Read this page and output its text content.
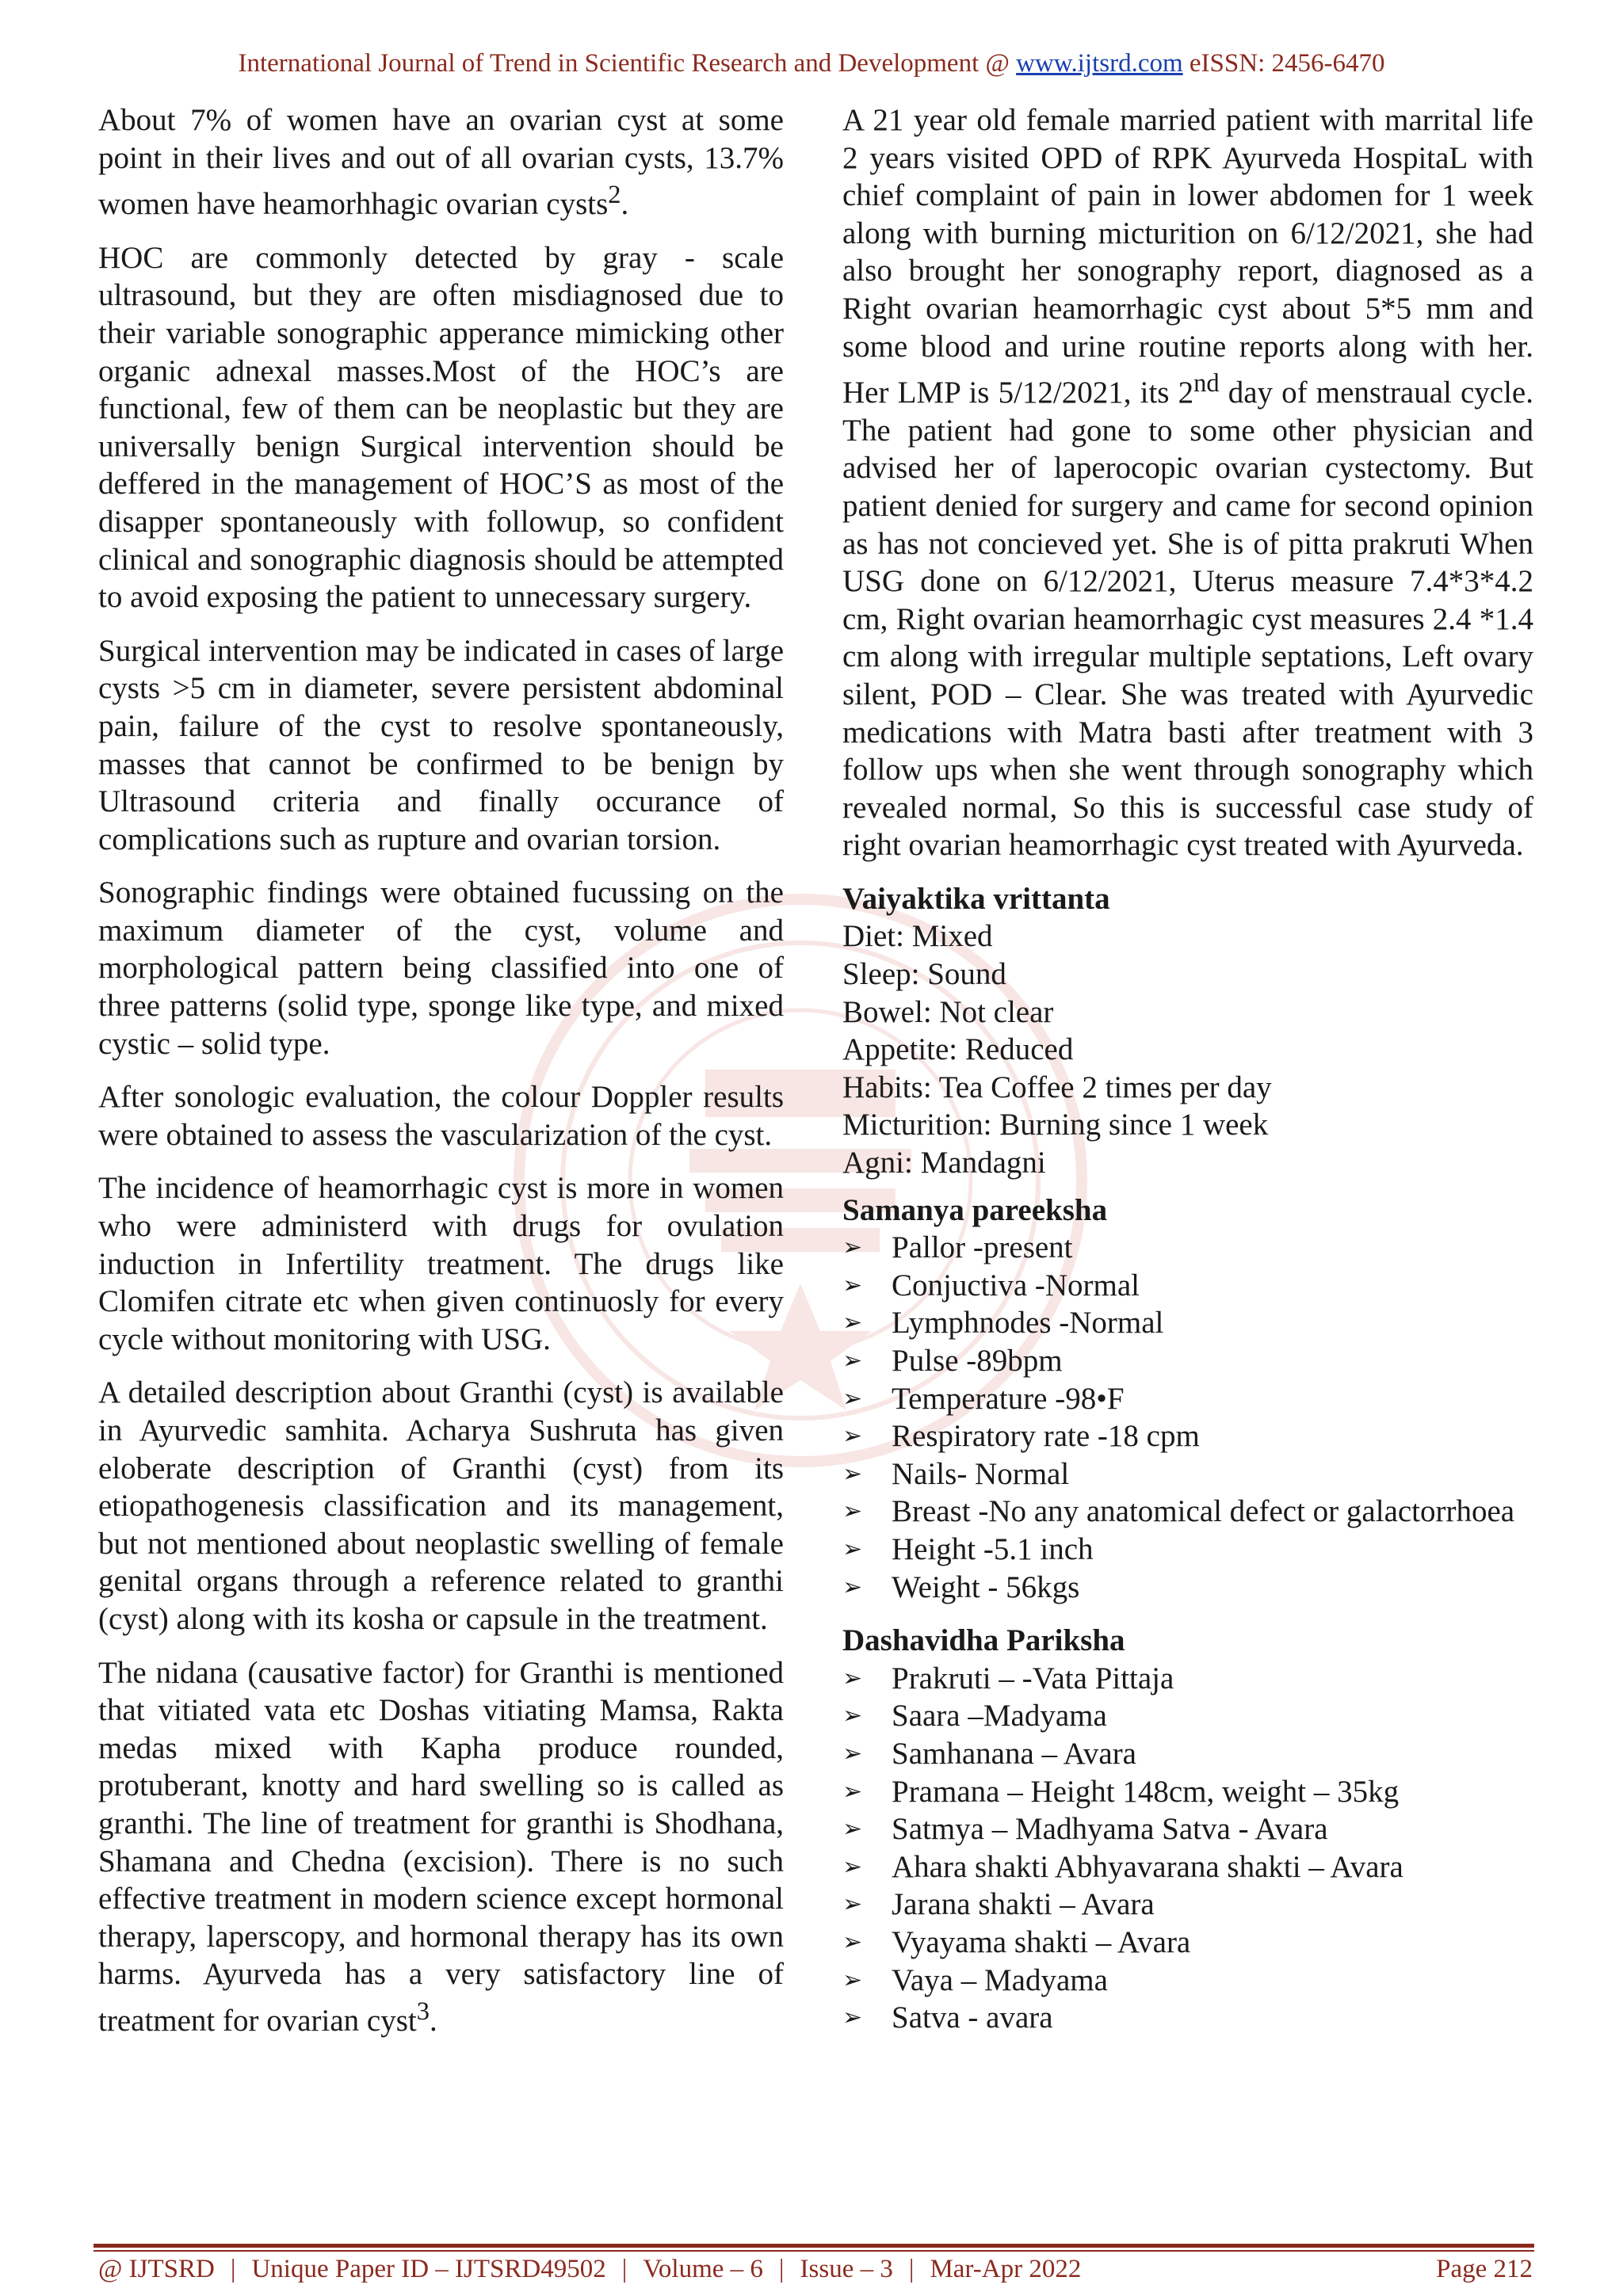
International Journal of Trend in Scientific Research and Development @ www.ijtsrd.com eISSN: 2456-6470

About 7% of women have an ovarian cyst at some point in their lives and out of all ovarian cysts, 13.7% women have heamorhhagic ovarian cysts$^2$.

HOC are commonly detected by gray - scale ultrasound, but they are often misdiagnosed due to their variable sonographic apperance mimicking other organic adnexal masses.Most of the HOC’s are functional, few of them can be neoplastic but they are universally benign Surgical intervention should be deffered in the management of HOC’S as most of the disapper spontaneously with followup, so confident clinical and sonographic diagnosis should be attempted to avoid exposing the patient to unnecessary surgery.

Surgical intervention may be indicated in cases of large cysts >5 cm in diameter, severe persistent abdominal pain, failure of the cyst to resolve spontaneously, masses that cannot be confirmed to be benign by Ultrasound criteria and finally occurance of complications such as rupture and ovarian torsion.

Sonographic findings were obtained fucussing on the maximum diameter of the cyst, volume and morphological pattern being classified into one of three patterns (solid type, sponge like type, and mixed cystic – solid type.

After sonologic evaluation, the colour Doppler results were obtained to assess the vascularization of the cyst.

The incidence of heamorrhagic cyst is more in women who were administerd with drugs for ovulation induction in Infertility treatment. The drugs like Clomifen citrate etc when given continuosly for every cycle without monitoring with USG.

A detailed description about Granthi (cyst) is available in Ayurvedic samhita. Acharya Sushruta has given eloberate description of Granthi (cyst) from its etiopathogenesis classification and its management, but not mentioned about neoplastic swelling of female genital organs through a reference related to granthi (cyst) along with its kosha or capsule in the treatment.

The nidana (causative factor) for Granthi is mentioned that vitiated vata etc Doshas vitiating Mamsa, Rakta medas mixed with Kapha produce rounded, protuberant, knotty and hard swelling so is called as granthi. The line of treatment for granthi is Shodhana, Shamana and Chedna (excision). There is no such effective treatment in modern science except hormonal therapy, laperscopy, and hormonal therapy has its own harms. Ayurveda has a very satisfactory line of treatment for ovarian cyst$^3$.

A 21 year old female married patient with marrital life 2 years visited OPD of RPK Ayurveda HospitaL with chief complaint of pain in lower abdomen for 1 week along with burning micturition on 6/12/2021, she had also brought her sonography report, diagnosed as a Right ovarian heamorrhagic cyst about 5*5 mm and some blood and urine routine reports along with her. Her LMP is 5/12/2021, its 2nd day of menstraual cycle. The patient had gone to some other physician and advised her of laperocopic ovarian cystectomy. But patient denied for surgery and came for second opinion as has not concieved yet. She is of pitta prakruti When USG done on 6/12/2021, Uterus measure 7.4*3*4.2 cm, Right ovarian heamorrhagic cyst measures 2.4 *1.4 cm along with irregular multiple septations, Left ovary silent, POD – Clear. She was treated with Ayurvedic medications with Matra basti after treatment with 3 follow ups when she went through sonography which revealed normal, So this is successful case study of right ovarian heamorrhagic cyst treated with Ayurveda.

Vaiyaktika vrittanta
Diet: Mixed
Sleep: Sound
Bowel: Not clear
Appetite: Reduced
Habits: Tea Coffee 2 times per day
Micturition: Burning since 1 week
Agni: Mandagni
Samanya pareeksha
➢ Pallor -present
➢ Conjuctiva -Normal
➢ Lymphnodes -Normal
➢ Pulse -89bpm
➢ Temperature -98•F
➢ Respiratory rate -18 cpm
➢ Nails- Normal
➢ Breast -No any anatomical defect or galactorrhoea
➢ Height -5.1 inch
➢ Weight - 56kgs
Dashavidha Pariksha
➢ Prakruti – -Vata Pittaja
➢ Saara –Madyama
➢ Samhanana – Avara
➢ Pramana – Height 148cm, weight – 35kg
➢ Satmya – Madhyama Satva - Avara
➢ Ahara shakti Abhyavarana shakti – Avara
➢ Jarana shakti – Avara
➢ Vyayama shakti – Avara
➢ Vaya – Madyama
➢ Satva - avara
@ IJTSRD | Unique Paper ID – IJTSRD49502 | Volume – 6 | Issue – 3 | Mar-Apr 2022	Page 212
